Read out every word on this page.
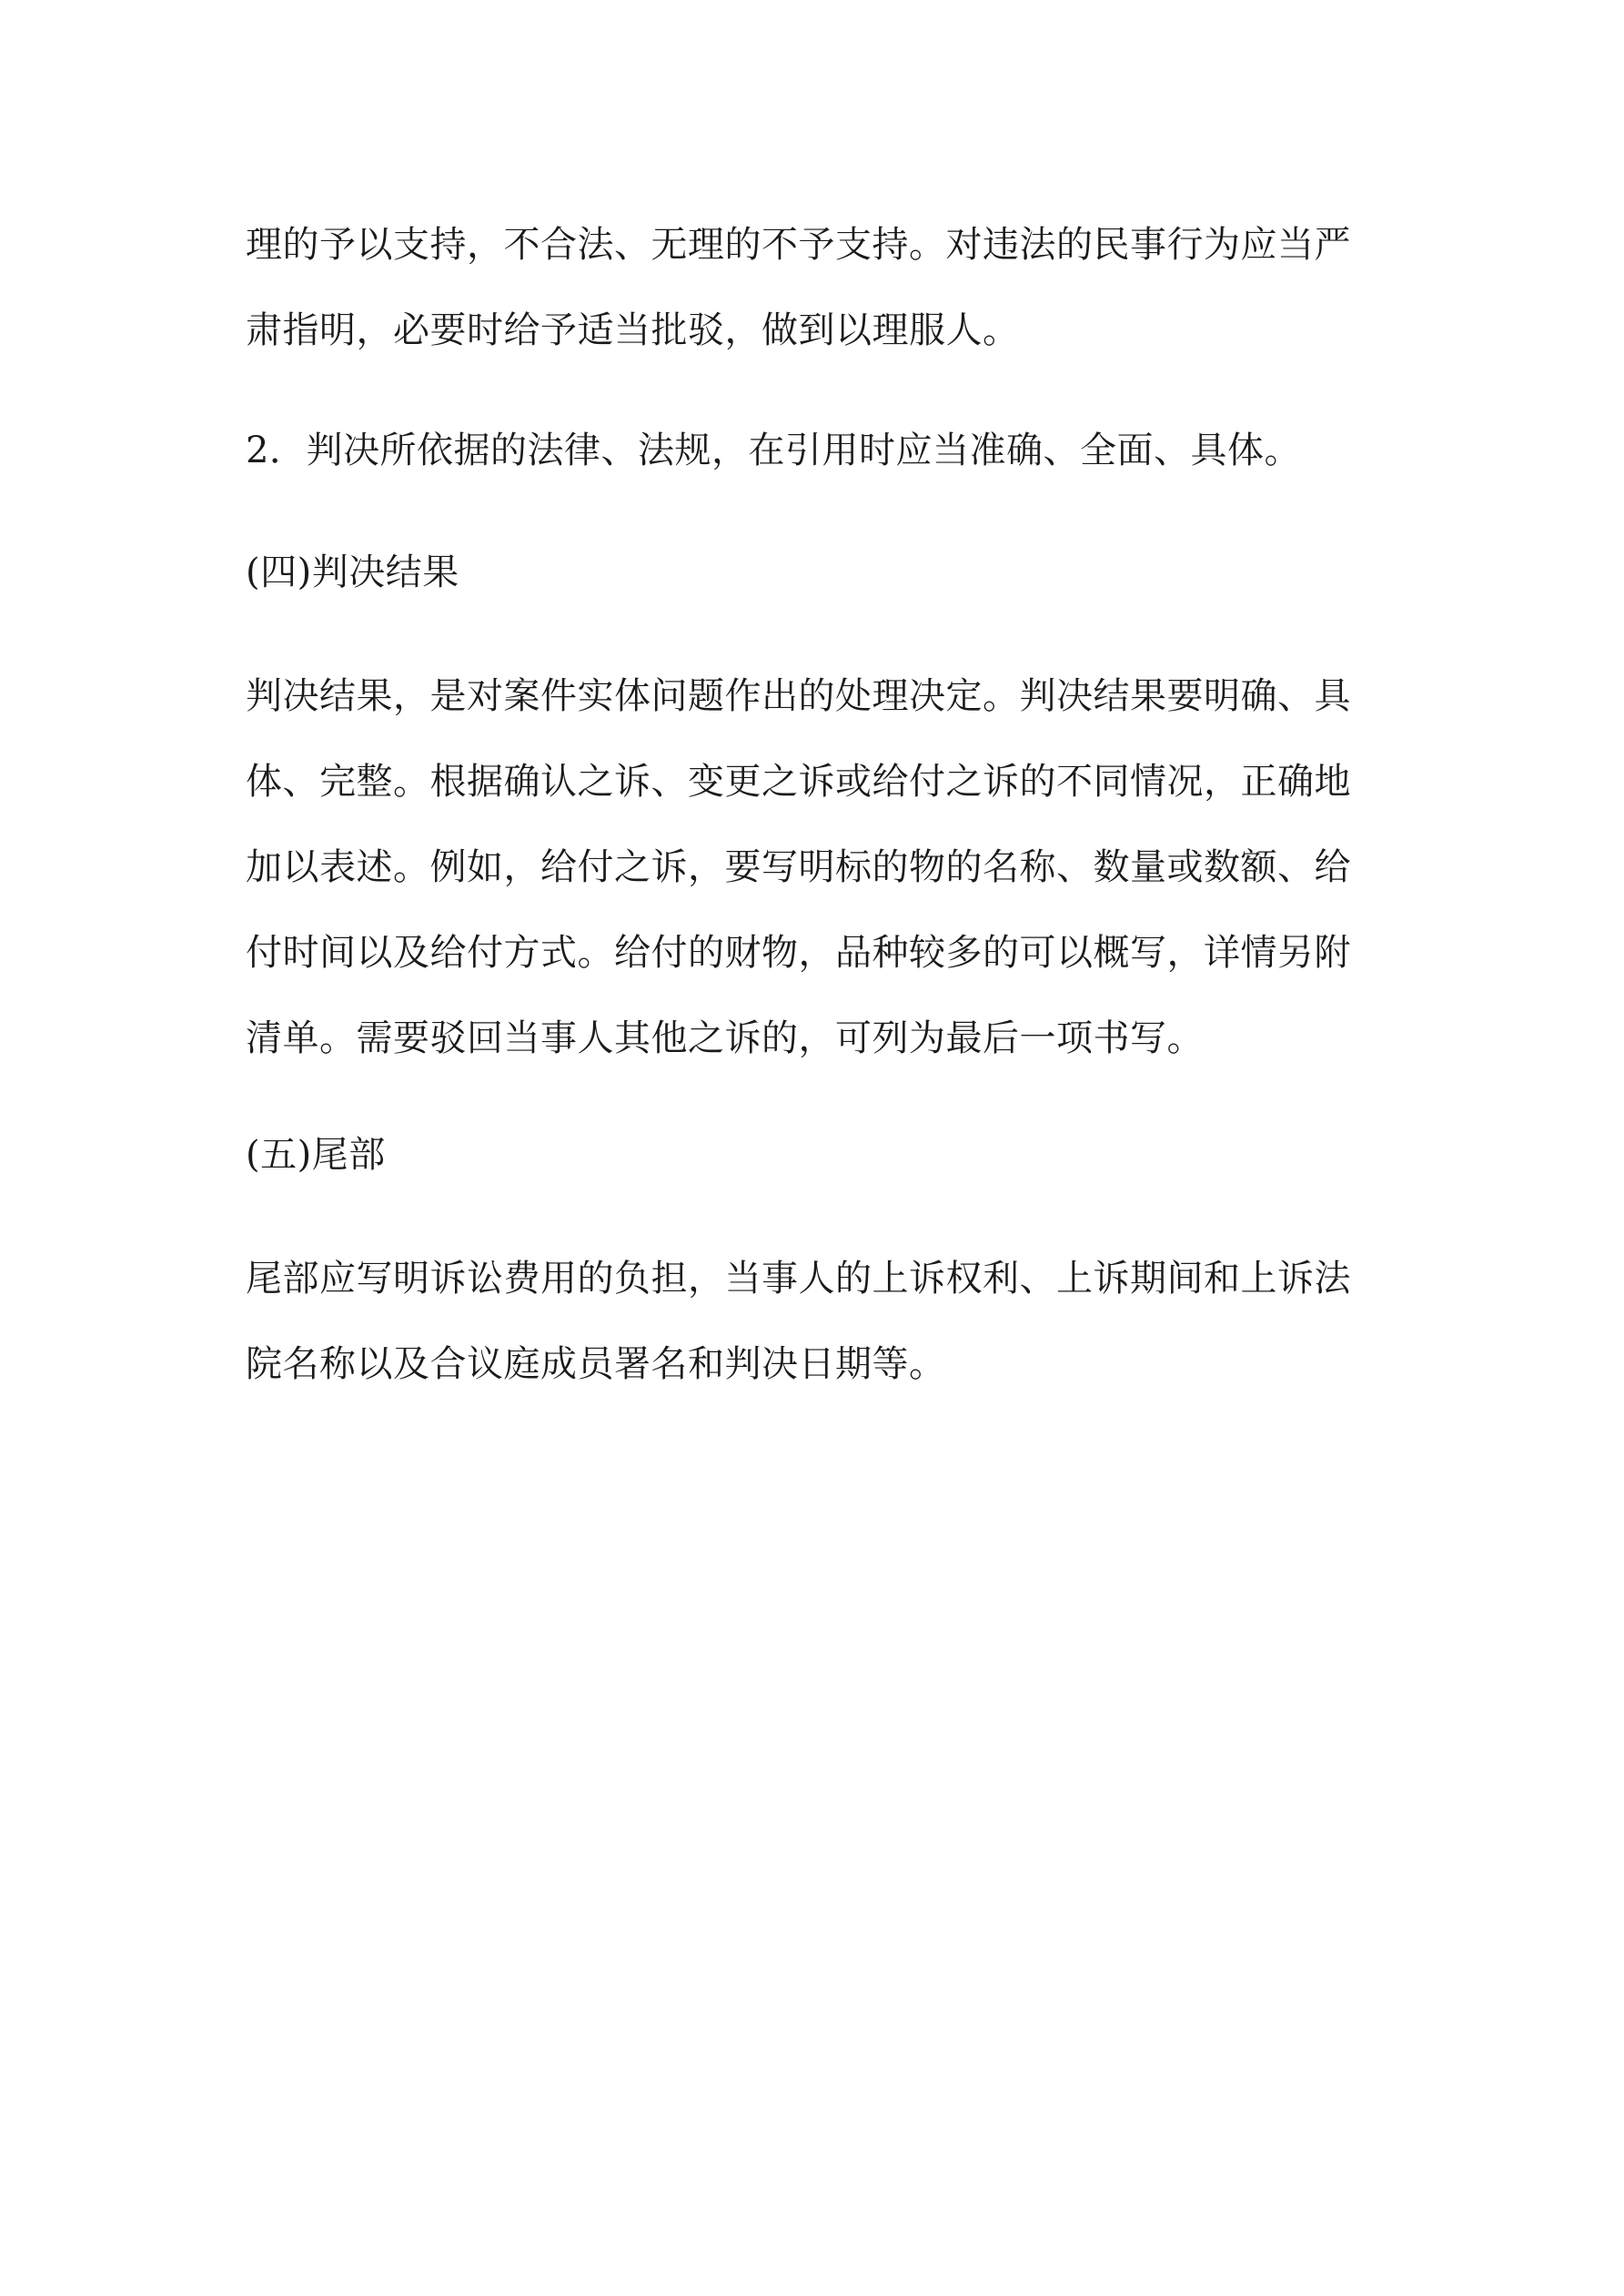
理的予以支持，不合法、无理的不予支持。对违法的民事行为应当严
肃指明，必要时给予适当批驳，做到以理服人。
2．判决所依据的法律、法规，在引用时应当准确、全面、具体。
(四)判决结果
判决结果，是对案件实体问题作出的处理决定。判决结果要明确、具
体、完整。根据确认之诉、变更之诉或给付之诉的不同情况，正确地
加以表述。例如，给付之诉，要写明标的物的名称、数量或数额、给
付时间以及给付方式。给付的财物，品种较多的可以概写，详情另附
清单。需要驳回当事人其他之诉的，可列为最后一项书写。
(五)尾部
尾部应写明诉讼费用的负担，当事人的上诉权利、上诉期间和上诉法
院名称以及合议庭成员署名和判决日期等。
